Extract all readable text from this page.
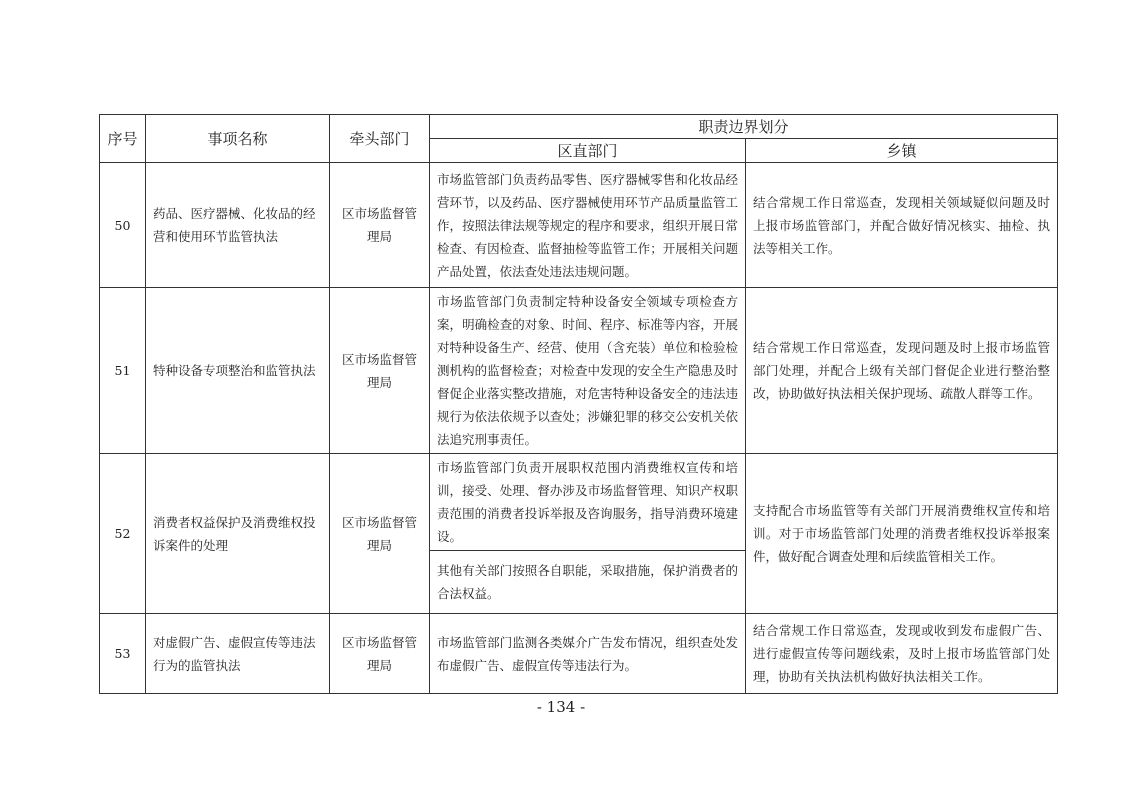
序号	事项名称	牵头部门	职责边界划分	
			区直部门	乡镇
50	药品、医疗器械、化妆品的经营和使用环节监管执法	区市场监督管理局	市场监管部门负责药品零售、医疗器械零售和化妆品经营环节，以及药品、医疗器械使用环节产品质量监管工作，按照法律法规等规定的程序和要求，组织开展日常检查、有因检查、监督抽检等监管工作；开展相关问题产品处置，依法查处违法违规问题。	结合常规工作日常巡查，发现相关领域疑似问题及时上报市场监管部门，并配合做好情况核实、抽检、执法等相关工作。
51	特种设备专项整治和监管执法	区市场监督管理局	市场监管部门负责制定特种设备安全领域专项检查方案，明确检查的对象、时间、程序、标准等内容，开展对特种设备生产、经营、使用（含充装）单位和检验检测机构的监督检查；对检查中发现的安全生产隐患及时督促企业落实整改措施，对危害特种设备安全的违法违规行为依法依规予以查处；涉嫌犯罪的移交公安机关依法追究刑事责任。	结合常规工作日常巡查，发现问题及时上报市场监管部门处理，并配合上级有关部门督促企业进行整治整改，协助做好执法相关保护现场、疏散人群等工作。
52	消费者权益保护及消费维权投诉案件的处理	区市场监督管理局	市场监管部门负责开展职权范围内消费维权宣传和培训，接受、处理、督办涉及市场监督管理、知识产权职责范围的消费者投诉举报及咨询服务，指导消费环境建设。	支持配合市场监管等有关部门开展消费维权宣传和培训。对于市场监管部门处理的消费者维权投诉举报案件，做好配合调查处理和后续监管相关工作。
			其他有关部门按照各自职能，采取措施，保护消费者的合法权益。	
53	对虚假广告、虚假宣传等违法行为的监管执法	区市场监督管理局	市场监管部门监测各类媒介广告发布情况，组织查处发布虚假广告、虚假宣传等违法行为。	结合常规工作日常巡查，发现或收到发布虚假广告、进行虚假宣传等问题线索，及时上报市场监管部门处理，协助有关执法机构做好执法相关工作。
- 134 -
